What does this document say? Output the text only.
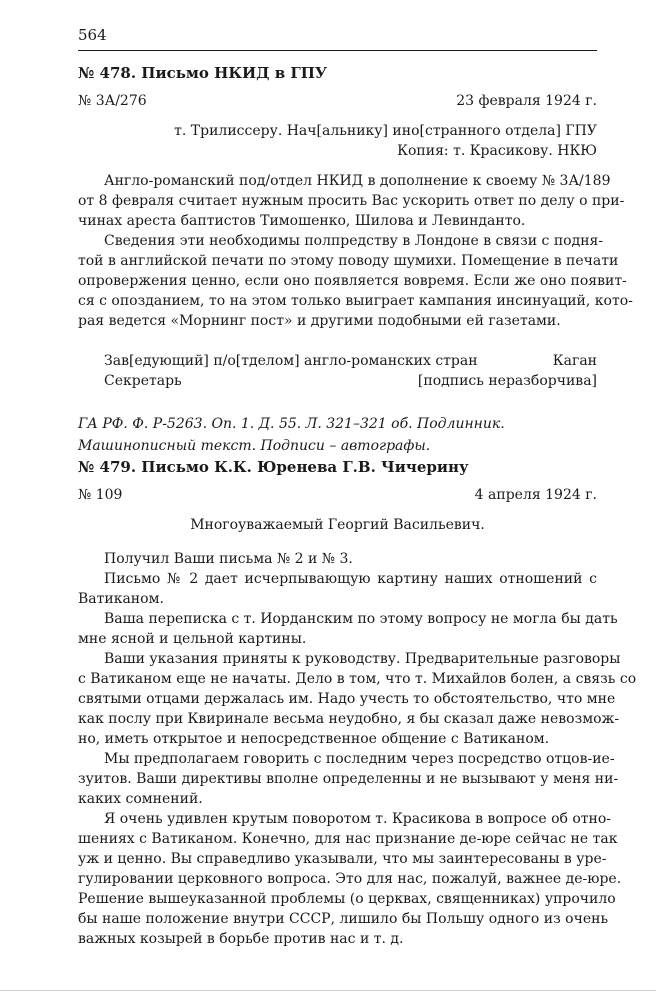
564
№ 478. Письмо НКИД в ГПУ
№ 3А/276	23 февраля 1924 г.
т. Трилиссеру. Нач[альнику] ино[странного отдела] ГПУ
Копия: т. Красикову. НКЮ

Англо-романский под/отдел НКИД в дополнение к своему № 3А/189
от 8 февраля считает нужным просить Вас ускорить ответ по делу о при-
чинах ареста баптистов Тимошенко, Шилова и Левинданто.

Сведения эти необходимы полпредству в Лондоне в связи с подня-
той в английской печати по этому поводу шумихи. Помещение в печати
опровержения ценно, если оно появляется вовремя. Если же оно появит-
ся с опозданием, то на этом только выиграет кампания инсинуаций, кото-
рая ведется «Морнинг пост» и другими подобными ей газетами.

Зав[едующий] п/о[тделом] англо-романских стран	Каган
Секретарь	[подпись неразборчива]
ГА РФ. Ф. Р-5263. Оп. 1. Д. 55. Л. 321–321 об. Подлинник.
Машинописный текст. Подписи – автографы.
№ 479. Письмо К.К. Юренева Г.В. Чичерину
№ 109	4 апреля 1924 г.
Многоуважаемый Георгий Васильевич.

Получил Ваши письма № 2 и № 3.

Письмо № 2 дает исчерпывающую картину наших отношений с
Ватиканом.

Ваша переписка с т. Иорданским по этому вопросу не могла бы дать
мне ясной и цельной картины.

Ваши указания приняты к руководству. Предварительные разговоры
с Ватиканом еще не начаты. Дело в том, что т. Михайлов болен, а связь со
святыми отцами держалась им. Надо учесть то обстоятельство, что мне
как послу при Квиринале весьма неудобно, я бы сказал даже невозмож-
но, иметь открытое и непосредственное общение с Ватиканом.

Мы предполагаем говорить с последним через посредство отцов-ие-
зуитов. Ваши директивы вполне определенны и не вызывают у меня ни-
каких сомнений.

Я очень удивлен крутым поворотом т. Красикова в вопросе об отно-
шениях с Ватиканом. Конечно, для нас признание де-юре сейчас не так
уж и ценно. Вы справедливо указывали, что мы заинтересованы в уре-
гулировании церковного вопроса. Это для нас, пожалуй, важнее де-юре.
Решение вышеуказанной проблемы (о церквах, священниках) упрочило
бы наше положение внутри СССР, лишило бы Польшу одного из очень
важных козырей в борьбе против нас и т. д.
